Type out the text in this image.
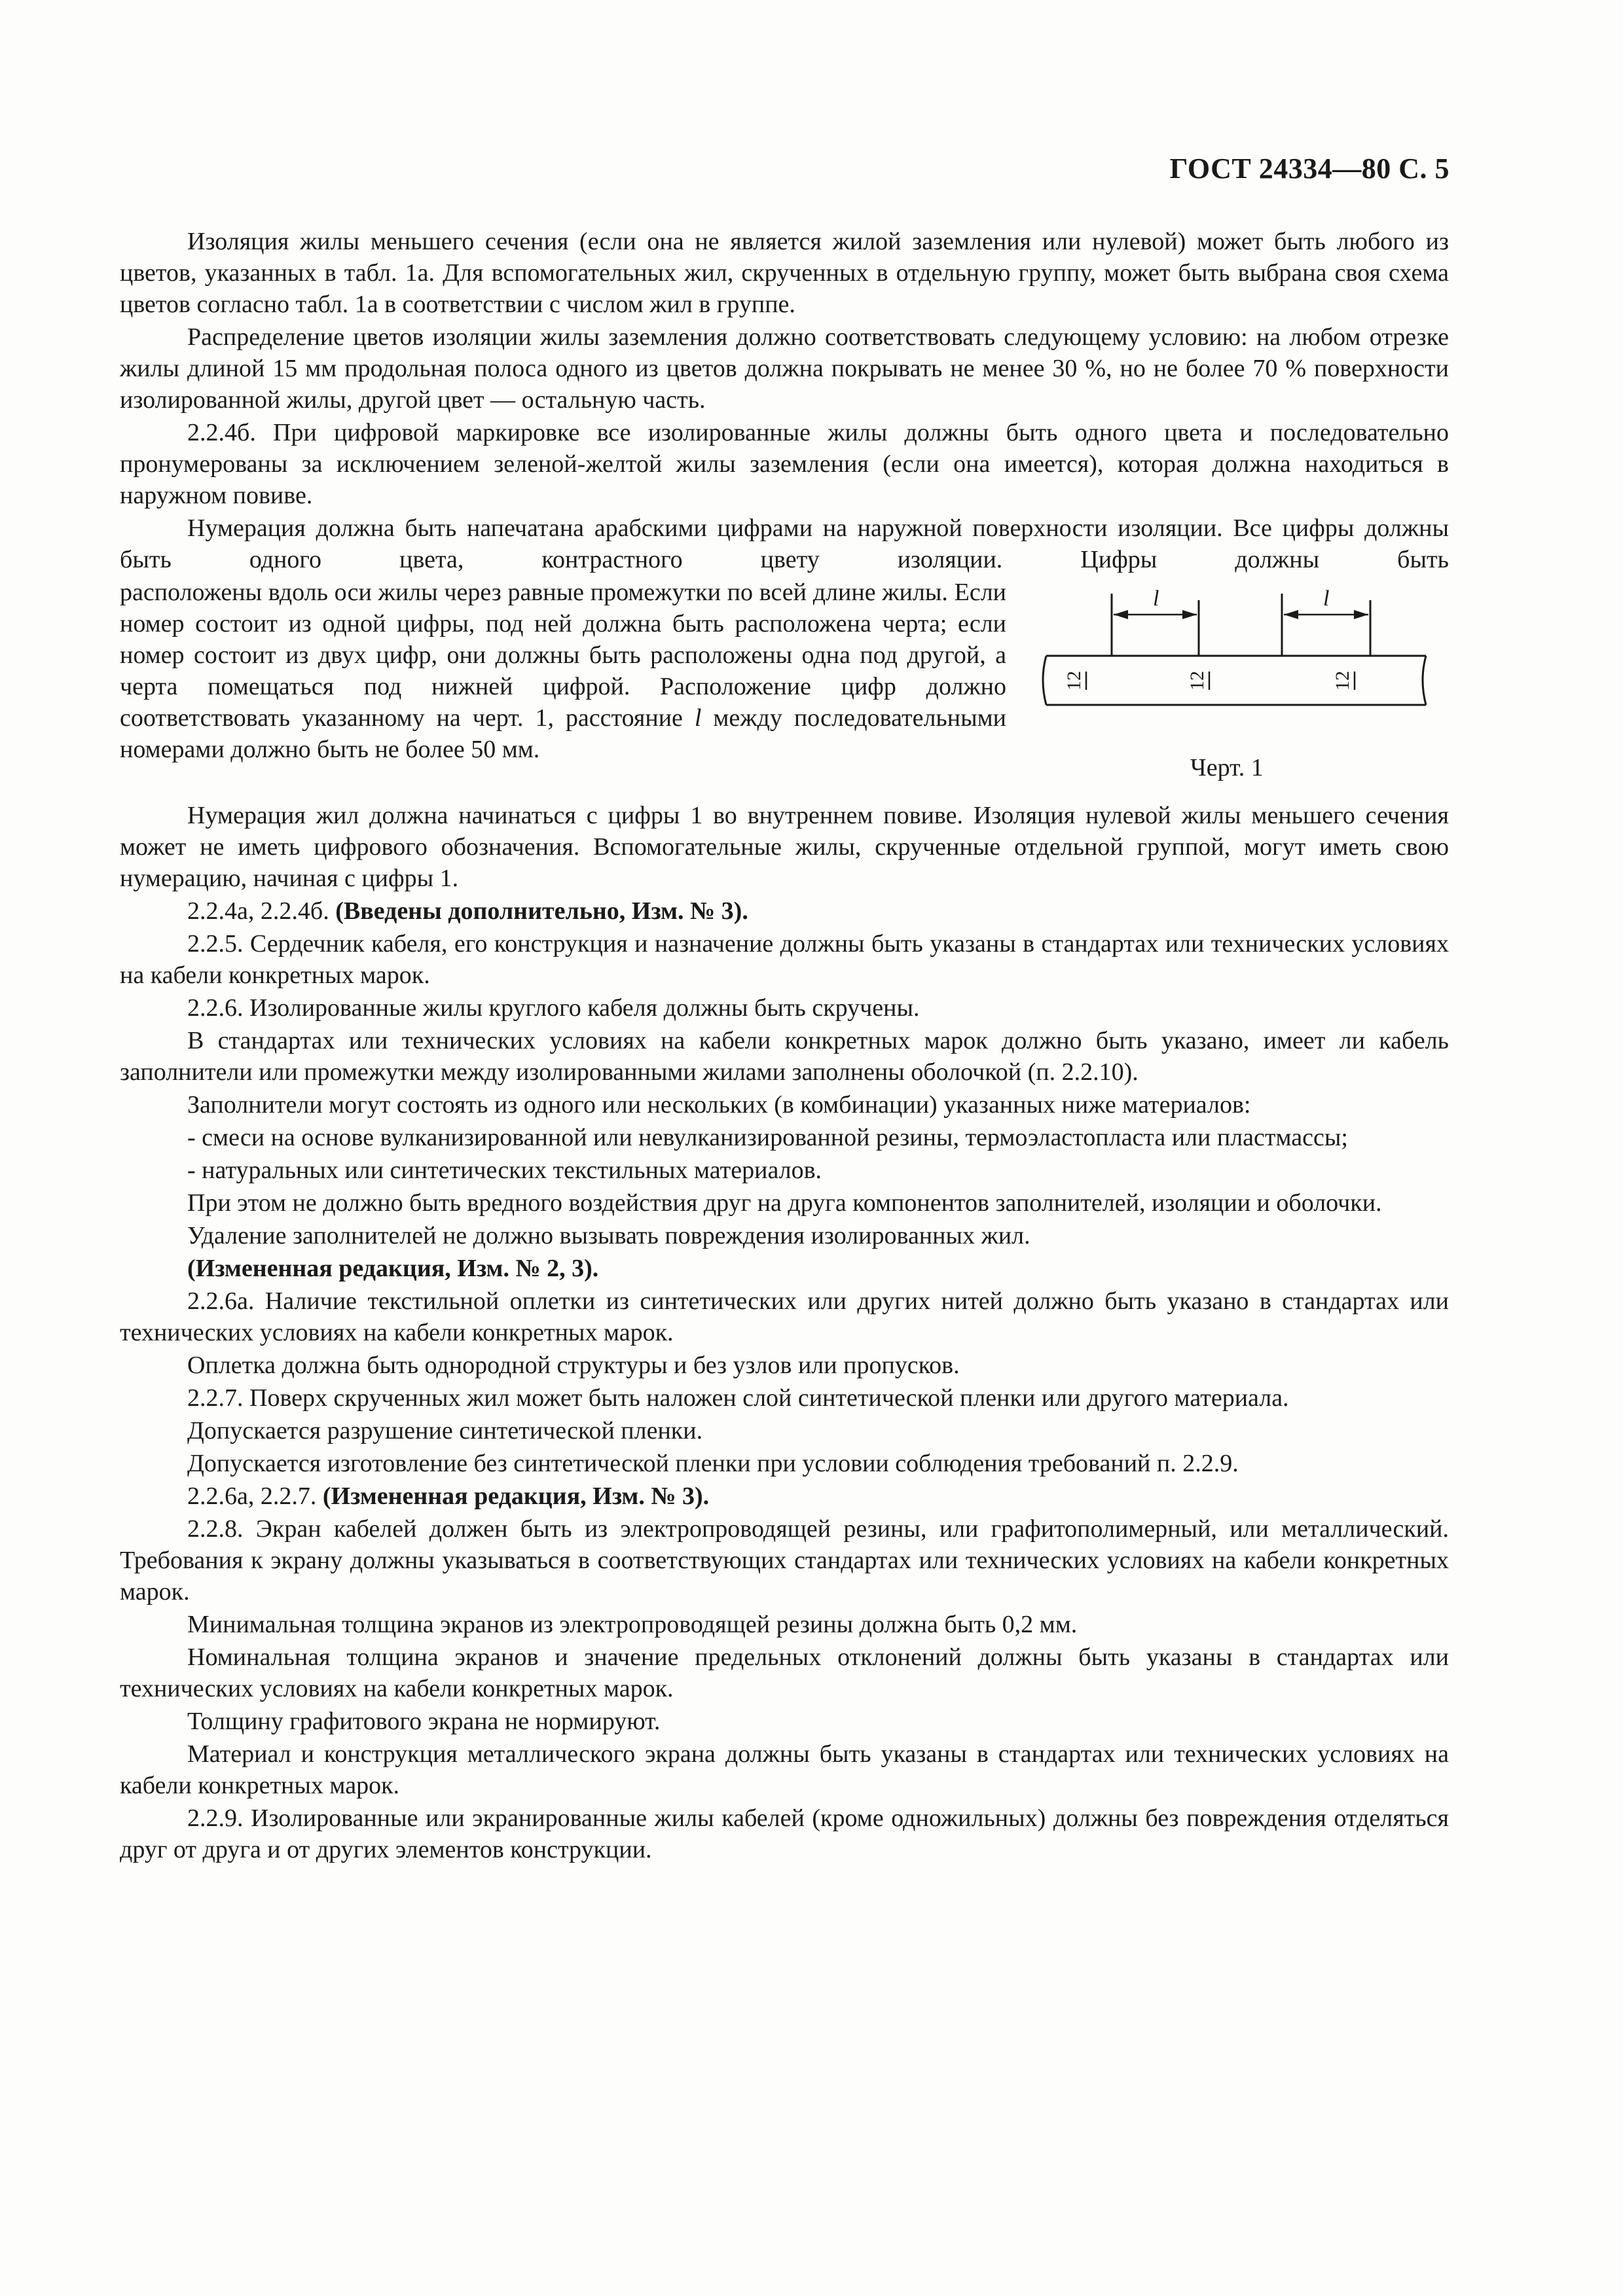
ГОСТ 24334—80 С. 5

Изоляция жилы меньшего сечения (если она не является жилой заземления или нулевой) может быть любого из цветов, указанных в табл. 1а. Для вспомогательных жил, скрученных в отдельную группу, может быть выбрана своя схема цветов согласно табл. 1а в соответствии с числом жил в группе.

Распределение цветов изоляции жилы заземления должно соответствовать следующему условию: на любом отрезке жилы длиной 15 мм продольная полоса одного из цветов должна покрывать не менее 30 %, но не более 70 % поверхности изолированной жилы, другой цвет — остальную часть.

2.2.4б. При цифровой маркировке все изолированные жилы должны быть одного цвета и последовательно пронумерованы за исключением зеленой-желтой жилы заземления (если она имеется), которая должна находиться в наружном повиве.

Нумерация должна быть напечатана арабскими цифрами на наружной поверхности изоляции. Все цифры должны быть одного цвета, контрастного цвету изоляции. Цифры должны быть

l	l
12	12	12
Черт. 1
расположены вдоль оси жилы через равные промежутки по всей длине жилы. Если номер состоит из одной цифры, под ней должна быть расположена черта; если номер состоит из двух цифр, они должны быть расположены одна под другой, а черта помещаться под нижней цифрой. Расположение цифр должно соответствовать указанному на черт. 1, расстояние l между последовательными номерами должно быть не более 50 мм.

Нумерация жил должна начинаться с цифры 1 во внутреннем повиве. Изоляция нулевой жилы меньшего сечения может не иметь цифрового обозначения. Вспомогательные жилы, скрученные отдельной группой, могут иметь свою нумерацию, начиная с цифры 1.

2.2.4а, 2.2.4б. (Введены дополнительно, Изм. № 3).

2.2.5. Сердечник кабеля, его конструкция и назначение должны быть указаны в стандартах или технических условиях на кабели конкретных марок.

2.2.6. Изолированные жилы круглого кабеля должны быть скручены.

В стандартах или технических условиях на кабели конкретных марок должно быть указано, имеет ли кабель заполнители или промежутки между изолированными жилами заполнены оболочкой (п. 2.2.10).

Заполнители могут состоять из одного или нескольких (в комбинации) указанных ниже материалов:

- смеси на основе вулканизированной или невулканизированной резины, термоэластопласта или пластмассы;

- натуральных или синтетических текстильных материалов.

При этом не должно быть вредного воздействия друг на друга компонентов заполнителей, изоляции и оболочки.

Удаление заполнителей не должно вызывать повреждения изолированных жил.

(Измененная редакция, Изм. № 2, 3).

2.2.6а. Наличие текстильной оплетки из синтетических или других нитей должно быть указано в стандартах или технических условиях на кабели конкретных марок.

Оплетка должна быть однородной структуры и без узлов или пропусков.

2.2.7. Поверх скрученных жил может быть наложен слой синтетической пленки или другого материала.

Допускается разрушение синтетической пленки.

Допускается изготовление без синтетической пленки при условии соблюдения требований п. 2.2.9.

2.2.6а, 2.2.7. (Измененная редакция, Изм. № 3).

2.2.8. Экран кабелей должен быть из электропроводящей резины, или графитополимерный, или металлический. Требования к экрану должны указываться в соответствующих стандартах или технических условиях на кабели конкретных марок.

Минимальная толщина экранов из электропроводящей резины должна быть 0,2 мм.

Номинальная толщина экранов и значение предельных отклонений должны быть указаны в стандартах или технических условиях на кабели конкретных марок.

Толщину графитового экрана не нормируют.

Материал и конструкция металлического экрана должны быть указаны в стандартах или технических условиях на кабели конкретных марок.

2.2.9. Изолированные или экранированные жилы кабелей (кроме одножильных) должны без повреждения отделяться друг от друга и от других элементов конструкции.
